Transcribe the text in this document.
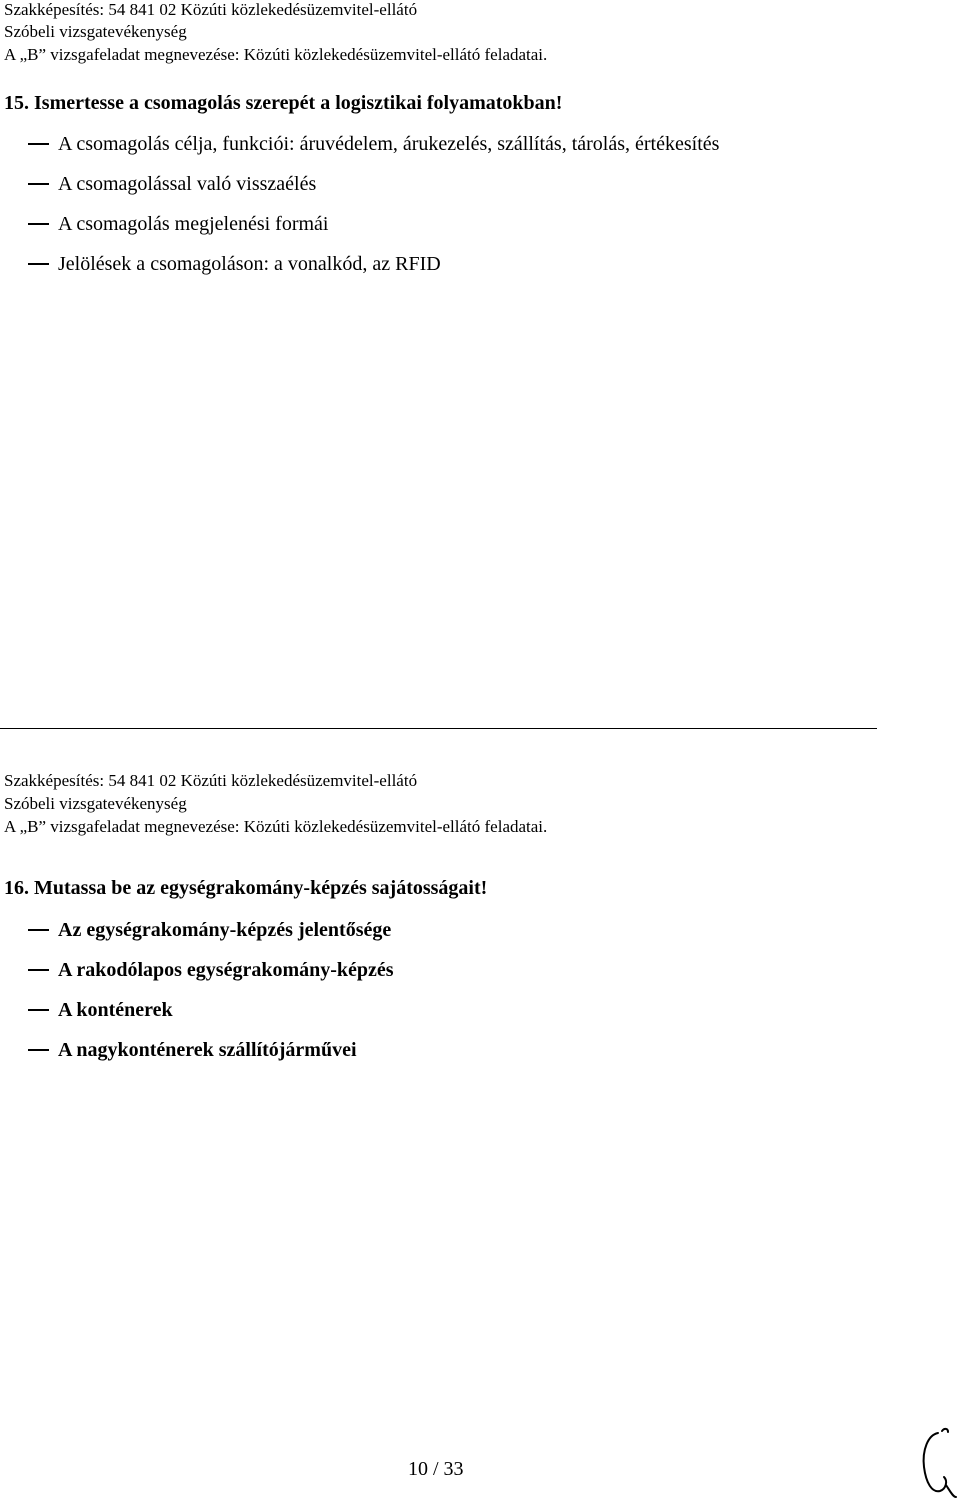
Szakképesítés: 54 841 02 Közúti közlekedésüzemvitel-ellátó
Szóbeli vizsgatevékenység
A „B” vizsgafeladat megnevezése: Közúti közlekedésüzemvitel-ellátó feladatai.
15. Ismertesse a csomagolás szerepét a logisztikai folyamatokban!
A csomagolás célja, funkciói: áruvédelem, árukezelés, szállítás, tárolás, értékesítés
A csomagolással való visszaélés
A csomagolás megjelenési formái
Jelölések a csomagoláson: a vonalkód, az RFID
Szakképesítés: 54 841 02 Közúti közlekedésüzemvitel-ellátó
Szóbeli vizsgatevékenység
A „B” vizsgafeladat megnevezése: Közúti közlekedésüzemvitel-ellátó feladatai.
16. Mutassa be az egységrakomány-képzés sajátosságait!
Az egységrakomány-képzés jelentősége
A rakodólapos egységrakomány-képzés
A konténerek
A nagykonténerek szállítójárművei
10 / 33
